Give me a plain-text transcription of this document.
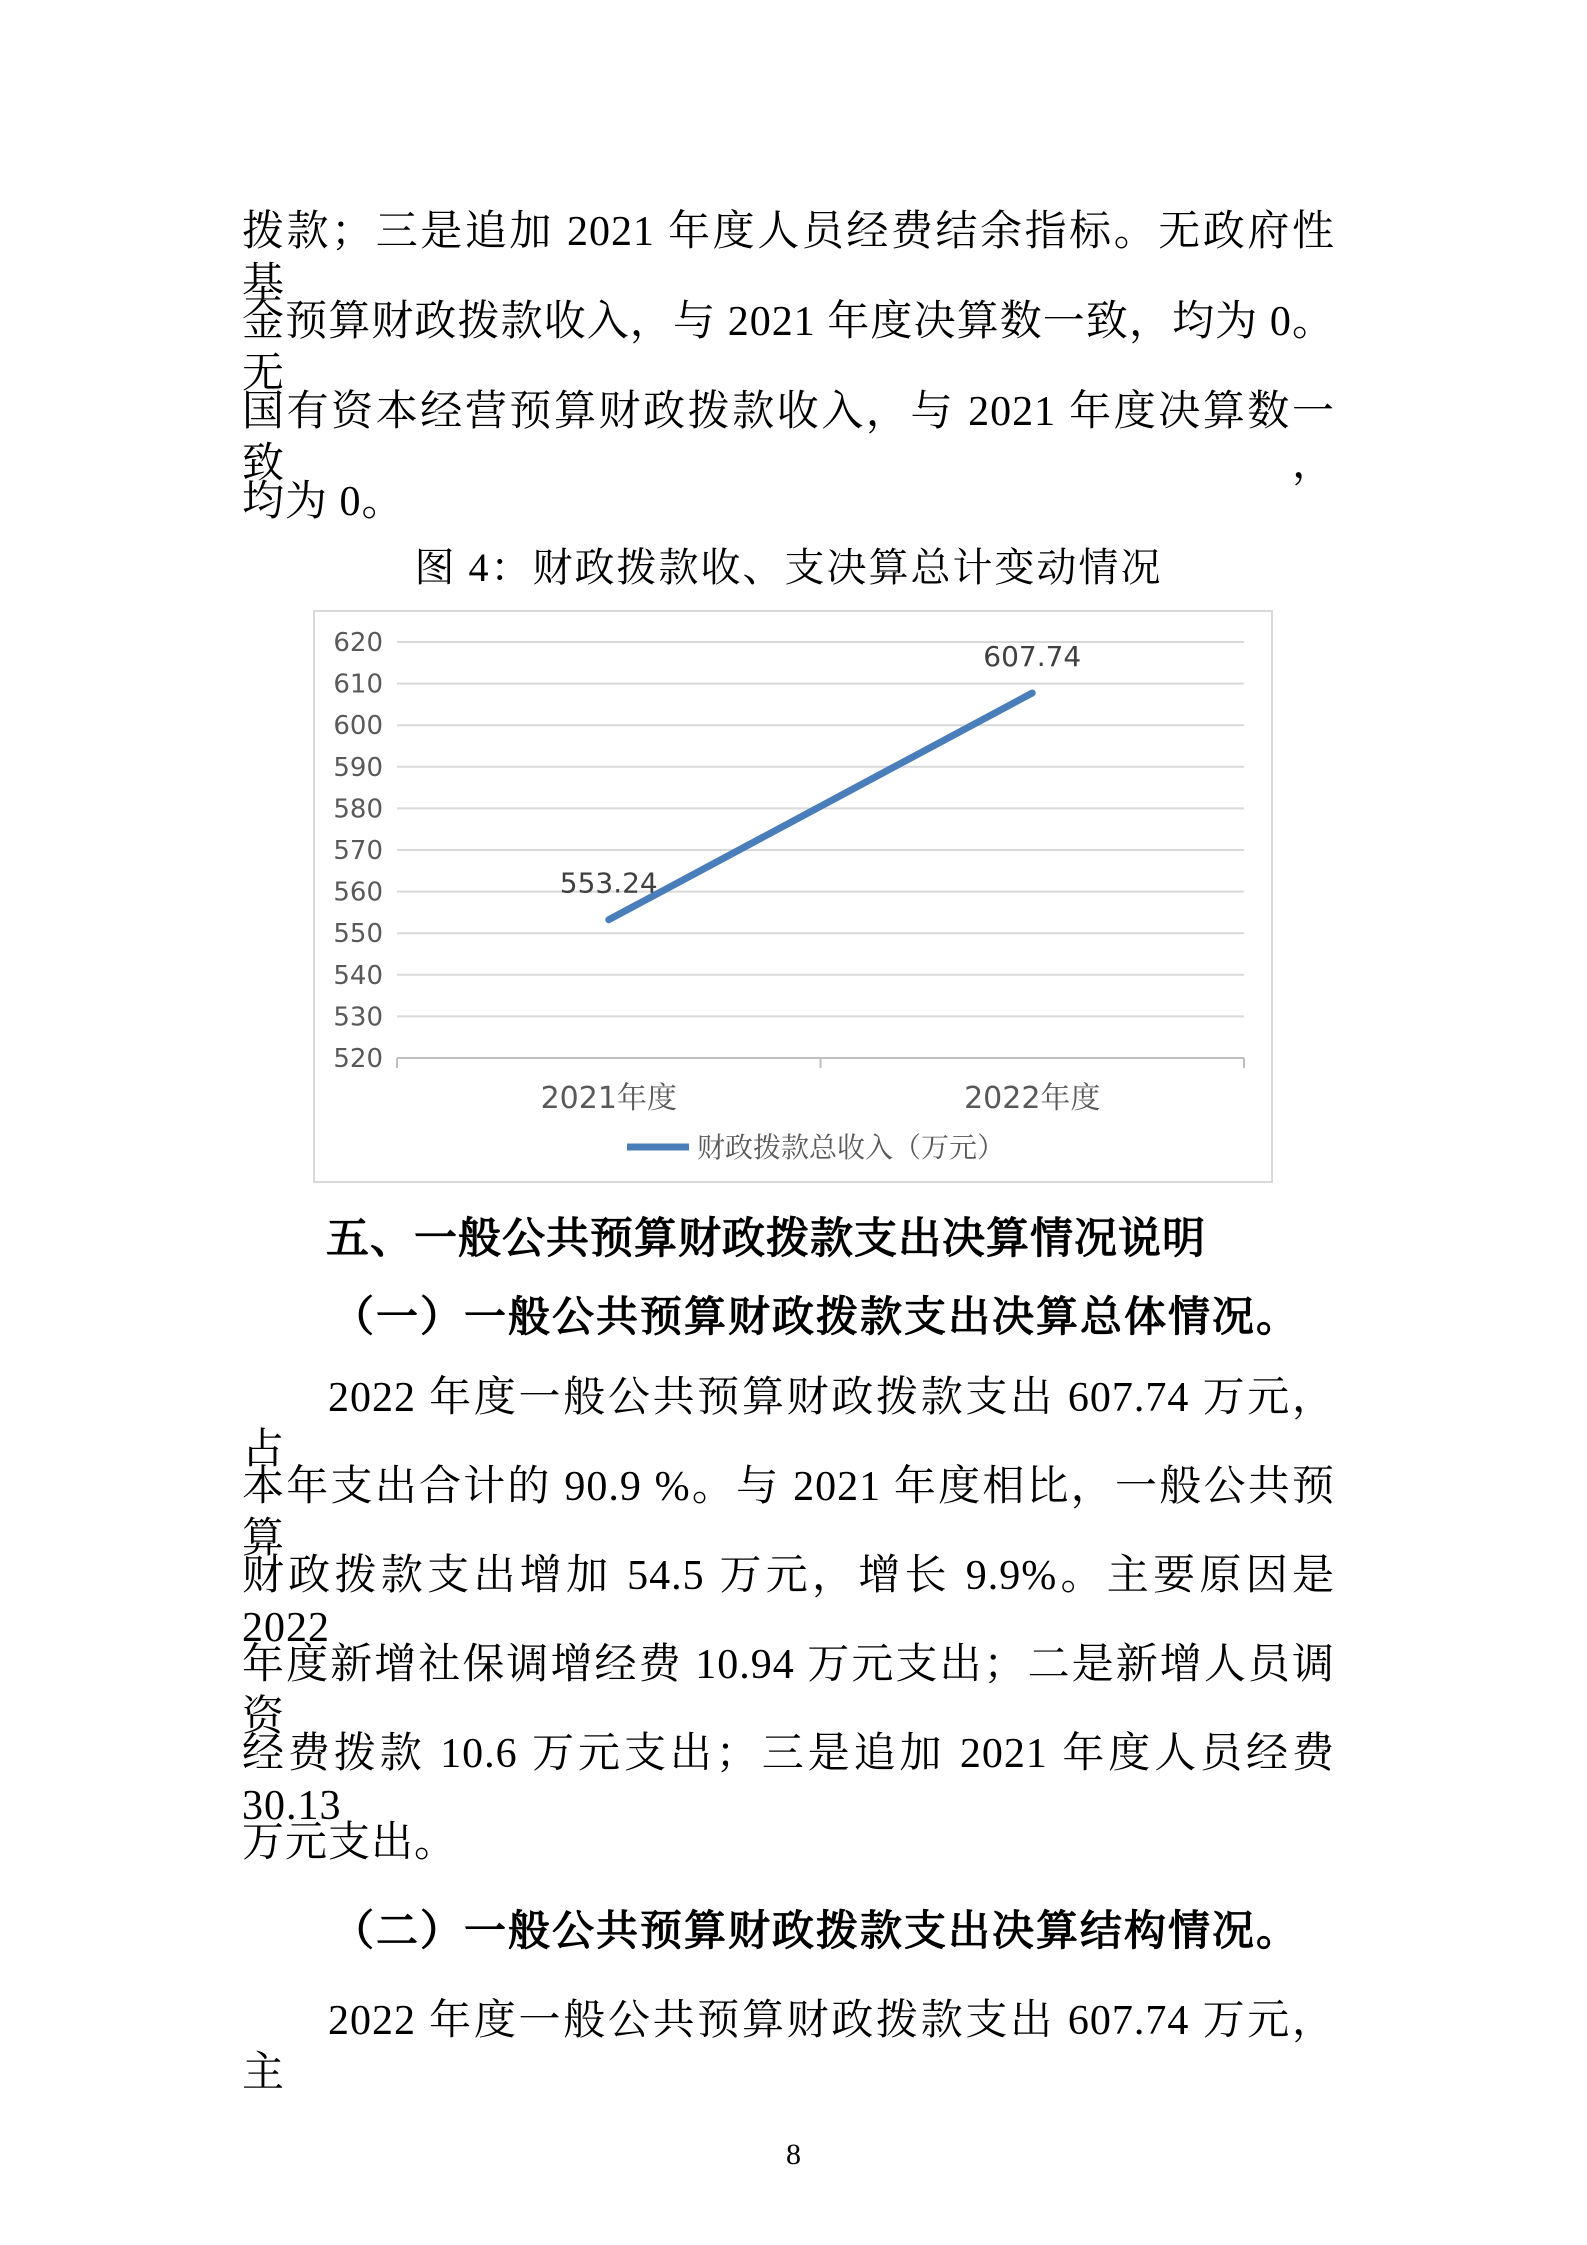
拨款；三是追加 2021 年度人员经费结余指标。无政府性基
金预算财政拨款收入，与 2021 年度决算数一致，均为 0。无
国有资本经营预算财政拨款收入，与 2021 年度决算数一致，
均为 0。
图 4：财政拨款收、支决算总计变动情况
520
530
540
550
560
570
580
590
600
610
620
553.24
607.74
2021年度	2022年度
财政拨款总收入（万元）
五、一般公共预算财政拨款支出决算情况说明
（一）一般公共预算财政拨款支出决算总体情况。
2022 年度一般公共预算财政拨款支出 607.74 万元，占
本年支出合计的 90.9 %。与 2021 年度相比，一般公共预算
财政拨款支出增加 54.5 万元，增长 9.9%。主要原因是 2022
年度新增社保调增经费 10.94 万元支出；二是新增人员调资
经费拨款 10.6 万元支出；三是追加 2021 年度人员经费 30.13
万元支出。
（二）一般公共预算财政拨款支出决算结构情况。
2022 年度一般公共预算财政拨款支出 607.74 万元，主
8
